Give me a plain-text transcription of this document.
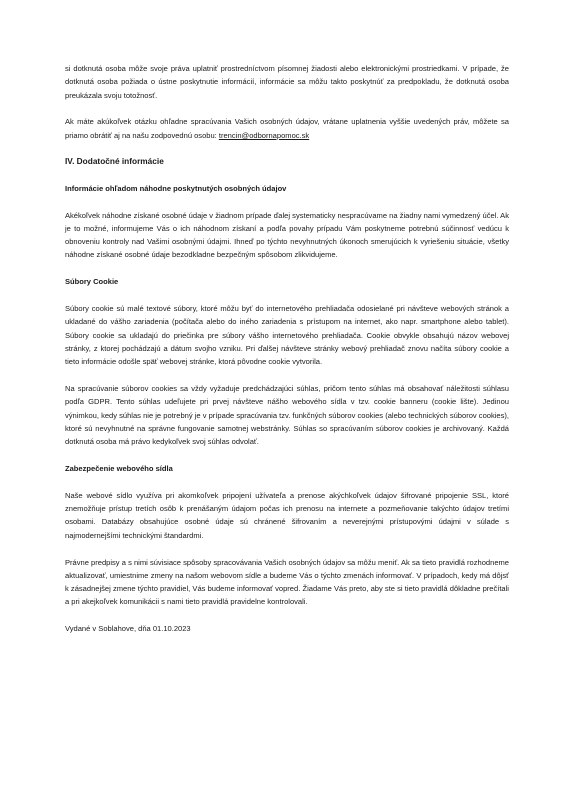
si dotknutá osoba môže svoje práva uplatniť prostredníctvom písomnej žiadosti alebo elektronickými prostriedkami. V prípade, že dotknutá osoba požiada o ústne poskytnutie informácií, informácie sa môžu takto poskytnúť za predpokladu, že dotknutá osoba preukázala svoju totožnosť.

Ak máte akúkoľvek otázku ohľadne spracúvania Vašich osobných údajov, vrátane uplatnenia vyššie uvedených práv, môžete sa priamo obrátiť aj na našu zodpovednú osobu: trencin@odbornapomoc.sk

IV. Dodatočné informácie
Informácie ohľadom náhodne poskytnutých osobných údajov

Akékoľvek náhodne získané osobné údaje v žiadnom prípade ďalej systematicky nespracúvame na žiadny nami vymedzený účel. Ak je to možné, informujeme Vás o ich náhodnom získaní a podľa povahy prípadu Vám poskytneme potrebnú súčinnosť vedúcu k obnoveniu kontroly nad Vašimi osobnými údajmi. Ihneď po týchto nevyhnutných úkonoch smerujúcich k vyriešeniu situácie, všetky náhodne získané osobné údaje bezodkladne bezpečným spôsobom zlikvidujeme.

Súbory Cookie

Súbory cookie sú malé textové súbory, ktoré môžu byť do internetového prehliadača odosielané pri návšteve webových stránok a ukladané do vášho zariadenia (počítača alebo do iného zariadenia s prístupom na internet, ako napr. smartphone alebo tablet). Súbory cookie sa ukladajú do priečinka pre súbory vášho internetového prehliadača. Cookie obvykle obsahujú názov webovej stránky, z ktorej pochádzajú a dátum svojho vzniku. Pri ďalšej návšteve stránky webový prehliadač znovu načíta súbory cookie a tieto informácie odošle späť webovej stránke, ktorá pôvodne cookie vytvorila.

Na spracúvanie súborov cookies sa vždy vyžaduje predchádzajúci súhlas, pričom tento súhlas má obsahovať náležitosti súhlasu podľa GDPR. Tento súhlas udeľujete pri prvej návšteve nášho webového sídla v tzv. cookie banneru (cookie lište). Jedinou výnimkou, kedy súhlas nie je potrebný je v prípade spracúvania tzv. funkčných súborov cookies (alebo technických súborov cookies), ktoré sú nevyhnutné na správne fungovanie samotnej webstránky. Súhlas so spracúvaním súborov cookies je archivovaný. Každá dotknutá osoba má právo kedykoľvek svoj súhlas odvolať.

Zabezpečenie webového sídla

Naše webové sídlo využíva pri akomkoľvek pripojení užívateľa a prenose akýchkoľvek údajov šifrované pripojenie SSL, ktoré znemožňuje prístup tretích osôb k prenášaným údajom počas ich prenosu na internete a pozmeňovanie takýchto údajov tretími osobami. Databázy obsahujúce osobné údaje sú chránené šifrovaním a neverejnými prístupovými údajmi v súlade s najmodernejšími technickými štandardmi.

Právne predpisy a s nimi súvisiace spôsoby spracovávania Vašich osobných údajov sa môžu meniť. Ak sa tieto pravidlá rozhodneme aktualizovať, umiestnime zmeny na našom webovom sídle a budeme Vás o týchto zmenách informovať. V prípadoch, kedy má dôjsť k zásadnejšej zmene týchto pravidiel, Vás budeme informovať vopred. Žiadame Vás preto, aby ste si tieto pravidlá dôkladne prečítali a pri akejkoľvek komunikácii s nami tieto pravidlá pravidelne kontrolovali.

Vydané v Soblahove, dňa 01.10.2023
